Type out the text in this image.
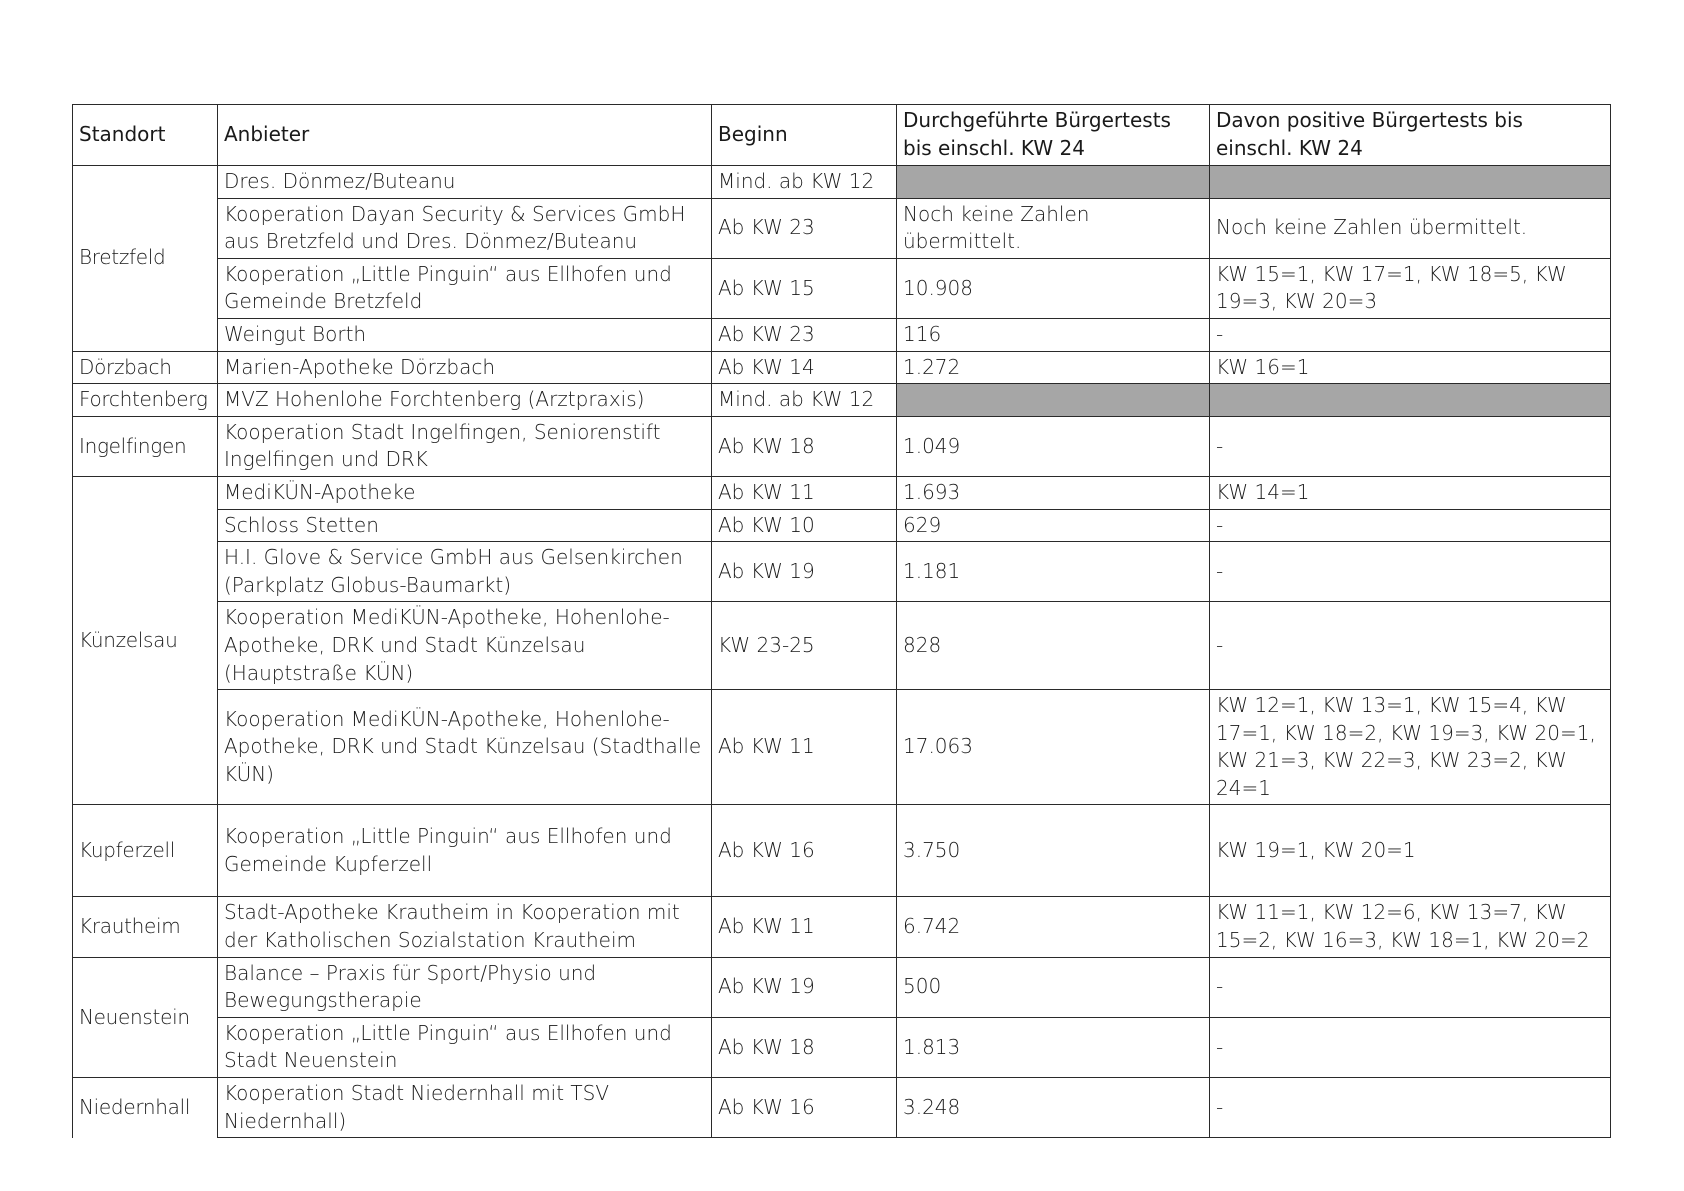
Standort	Anbieter	Beginn	Durchgeführte Bürgertests bis einschl. KW 24	Davon positive Bürgertests bis einschl. KW 24
Bretzfeld	Dres. Dönmez/Buteanu	Mind. ab KW 12		
	Kooperation Dayan Security & Services GmbH aus Bretzfeld und Dres. Dönmez/Buteanu	Ab KW 23	Noch keine Zahlen übermittelt.	Noch keine Zahlen übermittelt.
	Kooperation „Little Pinguin“ aus Ellhofen und Gemeinde Bretzfeld	Ab KW 15	10.908	KW 15=1, KW 17=1, KW 18=5, KW 19=3, KW 20=3
	Weingut Borth	Ab KW 23	116	-
Dörzbach	Marien-Apotheke Dörzbach	Ab KW 14	1.272	KW 16=1
Forchtenberg	MVZ Hohenlohe Forchtenberg (Arztpraxis)	Mind. ab KW 12		
Ingelfingen	Kooperation Stadt Ingelfingen, Seniorenstift Ingelfingen und DRK	Ab KW 18	1.049	-
Künzelsau	MediKÜN-Apotheke	Ab KW 11	1.693	KW 14=1
	Schloss Stetten	Ab KW 10	629	-
	H.I. Glove & Service GmbH aus Gelsenkirchen (Parkplatz Globus-Baumarkt)	Ab KW 19	1.181	-
	Kooperation MediKÜN-Apotheke, Hohenlohe-Apotheke, DRK und Stadt Künzelsau (Hauptstraße KÜN)	KW 23-25	828	-
	Kooperation MediKÜN-Apotheke, Hohenlohe-Apotheke, DRK und Stadt Künzelsau (Stadthalle KÜN)	Ab KW 11	17.063	KW 12=1, KW 13=1, KW 15=4, KW 17=1, KW 18=2, KW 19=3, KW 20=1, KW 21=3, KW 22=3, KW 23=2, KW 24=1
Kupferzell	Kooperation „Little Pinguin“ aus Ellhofen und Gemeinde Kupferzell	Ab KW 16	3.750	KW 19=1, KW 20=1
Krautheim	Stadt-Apotheke Krautheim in Kooperation mit der Katholischen Sozialstation Krautheim	Ab KW 11	6.742	KW 11=1, KW 12=6, KW 13=7, KW 15=2, KW 16=3, KW 18=1, KW 20=2
Neuenstein	Balance – Praxis für Sport/Physio und Bewegungstherapie	Ab KW 19	500	-
	Kooperation „Little Pinguin“ aus Ellhofen und Stadt Neuenstein	Ab KW 18	1.813	-
Niedernhall	Kooperation Stadt Niedernhall mit TSV Niedernhall)	Ab KW 16	3.248	-
